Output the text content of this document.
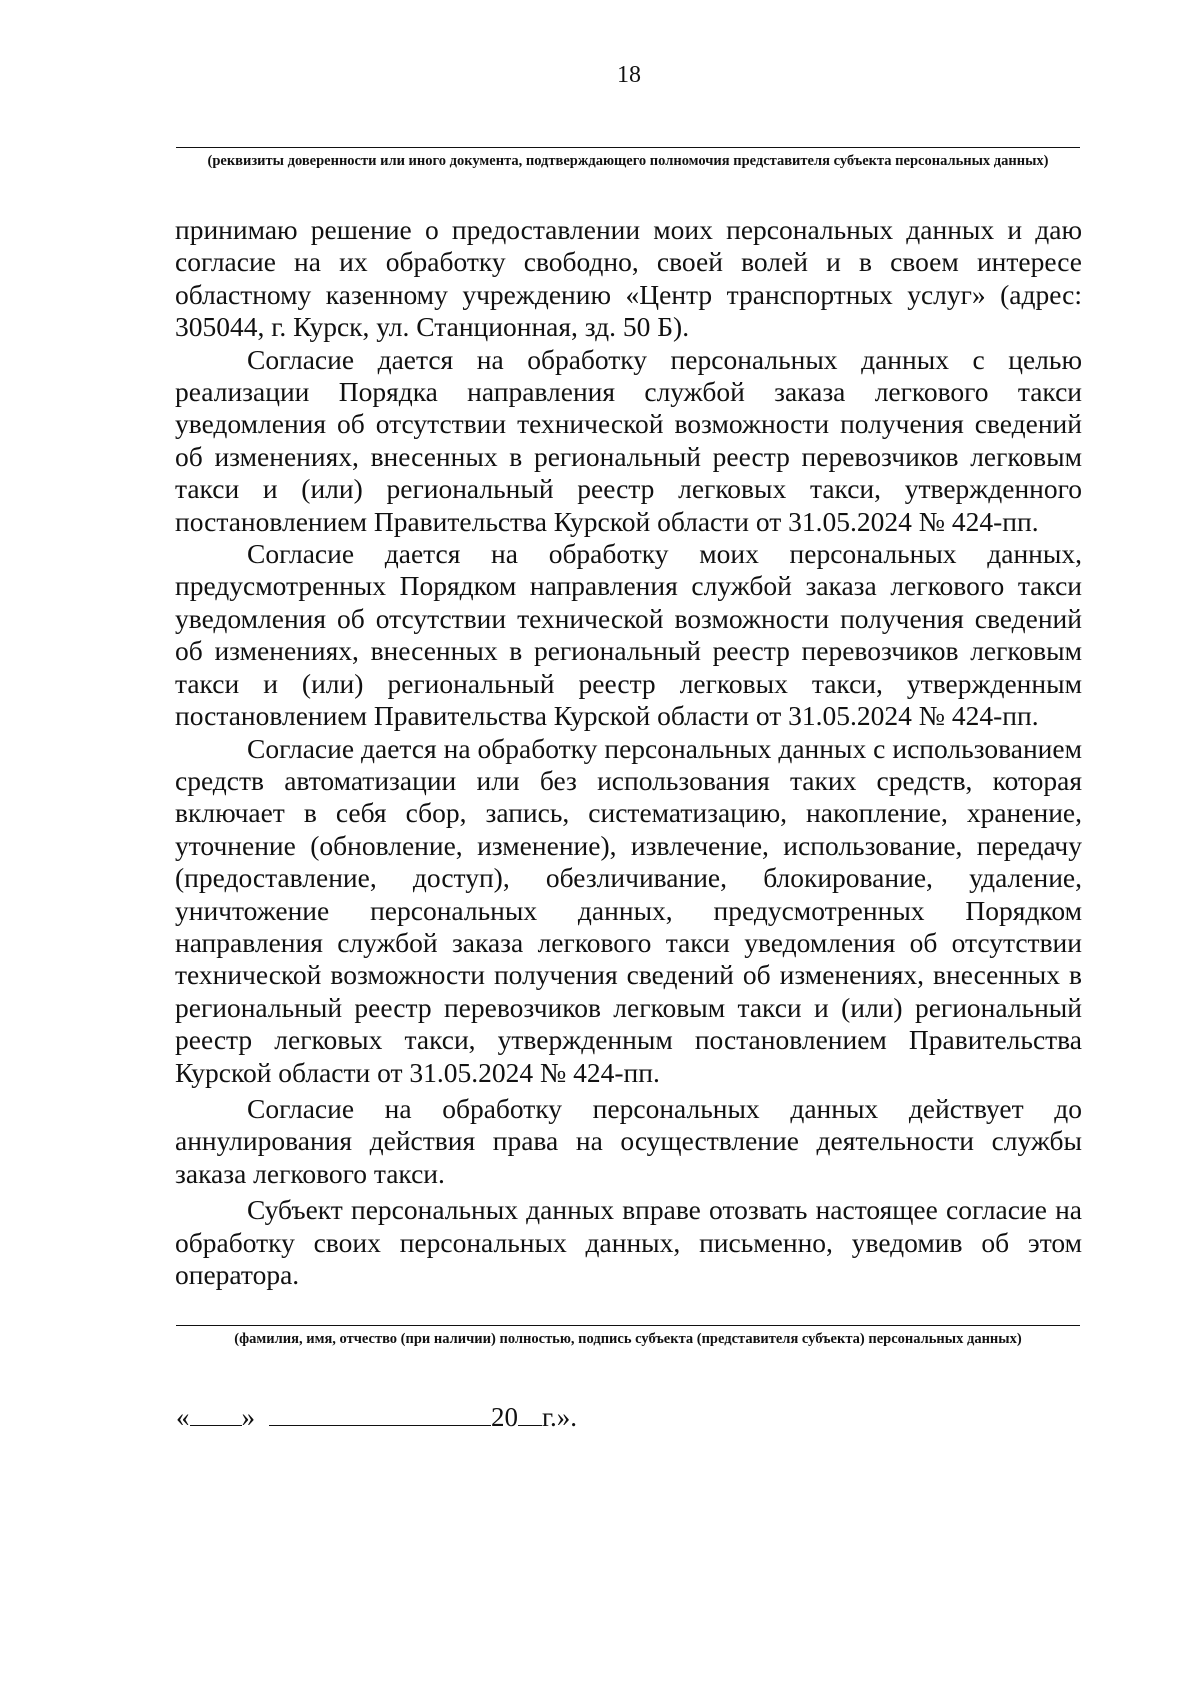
18
(реквизиты доверенности или иного документа, подтверждающего полномочия представителя субъекта персональных данных)

принимаю решение о предоставлении моих персональных данных и даю согласие на их обработку свободно, своей волей и в своем интересе областному казенному учреждению «Центр транспортных услуг» (адрес: 305044, г. Курск, ул. Станционная, зд. 50 Б).

Согласие дается на обработку персональных данных с целью реализации Порядка направления службой заказа легкового такси уведомления об отсутствии технической возможности получения сведений об изменениях, внесенных в региональный реестр перевозчиков легковым такси и (или) региональный реестр легковых такси, утвержденного постановлением Правительства Курской области от 31.05.2024 № 424-пп.

Согласие дается на обработку моих персональных данных, предусмотренных Порядком направления службой заказа легкового такси уведомления об отсутствии технической возможности получения сведений об изменениях, внесенных в региональный реестр перевозчиков легковым такси и (или) региональный реестр легковых такси, утвержденным постановлением Правительства Курской области от 31.05.2024 № 424-пп.

Согласие дается на обработку персональных данных с использованием средств автоматизации или без использования таких средств, которая включает в себя сбор, запись, систематизацию, накопление, хранение, уточнение (обновление, изменение), извлечение, использование, передачу (предоставление, доступ), обезличивание, блокирование, удаление, уничтожение персональных данных, предусмотренных Порядком направления службой заказа легкового такси уведомления об отсутствии технической возможности получения сведений об изменениях, внесенных в региональный реестр перевозчиков легковым такси и (или) региональный реестр легковых такси, утвержденным постановлением Правительства Курской области от 31.05.2024 № 424-пп.

Согласие на обработку персональных данных действует до аннулирования действия права на осуществление деятельности службы заказа легкового такси.

Субъект персональных данных вправе отозвать настоящее согласие на обработку своих персональных данных, письменно, уведомив об этом оператора.

(фамилия, имя, отчество (при наличии) полностью, подпись субъекта (представителя субъекта) персональных данных)
« »	20 г.».
